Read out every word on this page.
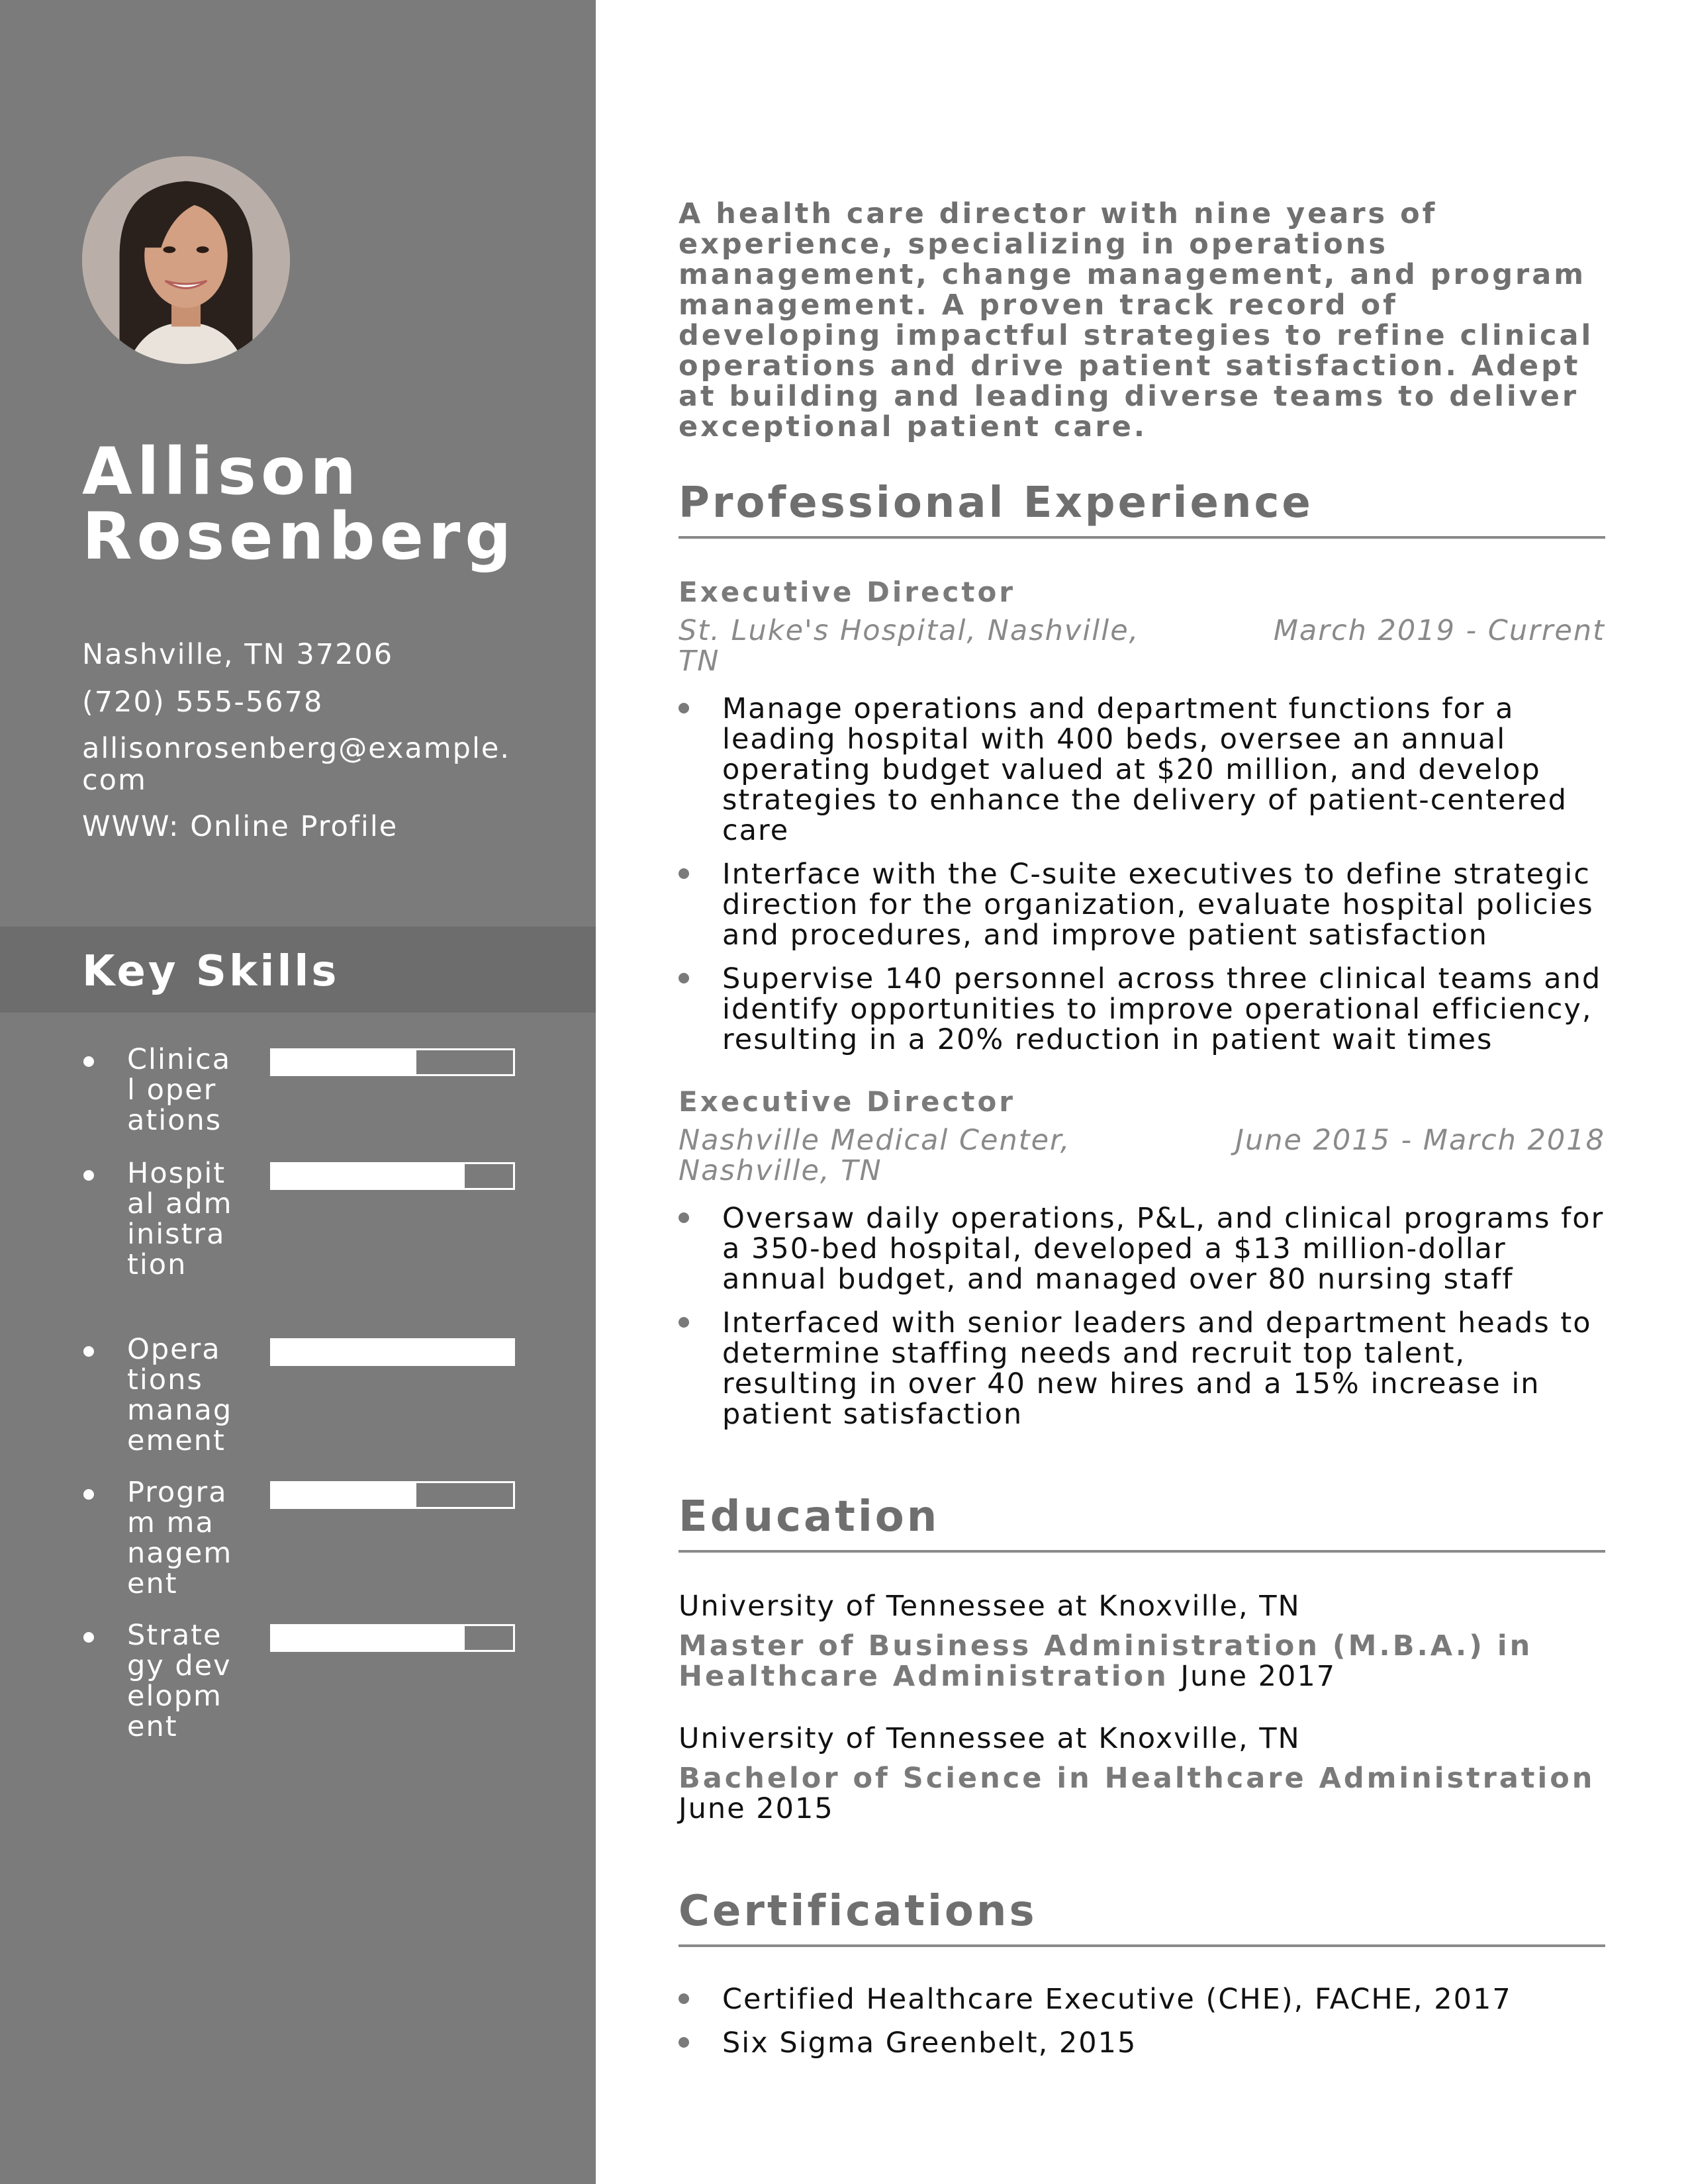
Allison
Rosenberg
Nashville, TN 37206
(720) 555-5678
allisonrosenberg@example.com
WWW: Online Profile
Key Skills
Clinical operations
Hospital administration
Operations management
Program management
Strategy development

A health care director with nine years of experience, specializing in operations management, change management, and program management. A proven track record of developing impactful strategies to refine clinical operations and drive patient satisfaction. Adept at building and leading diverse teams to deliver exceptional patient care.

Professional Experience
Executive Director
St. Luke's Hospital, Nashville, TN
March 2019 - Current
Manage operations and department functions for a leading hospital with 400 beds, oversee an annual operating budget valued at $20 million, and develop strategies to enhance the delivery of patient-centered care
Interface with the C-suite executives to define strategic direction for the organization, evaluate hospital policies and procedures, and improve patient satisfaction
Supervise 140 personnel across three clinical teams and identify opportunities to improve operational efficiency, resulting in a 20% reduction in patient wait times
Executive Director
Nashville Medical Center, Nashville, TN
June 2015 - March 2018
Oversaw daily operations, P&L, and clinical programs for a 350-bed hospital, developed a $13 million-dollar annual budget, and managed over 80 nursing staff
Interfaced with senior leaders and department heads to determine staffing needs and recruit top talent, resulting in over 40 new hires and a 15% increase in patient satisfaction
Education
University of Tennessee at Knoxville, TN
Master of Business Administration (M.B.A.) in Healthcare Administration June 2017
University of Tennessee at Knoxville, TN
Bachelor of Science in Healthcare Administration June 2015
Certifications
Certified Healthcare Executive (CHE), FACHE, 2017
Six Sigma Greenbelt, 2015
